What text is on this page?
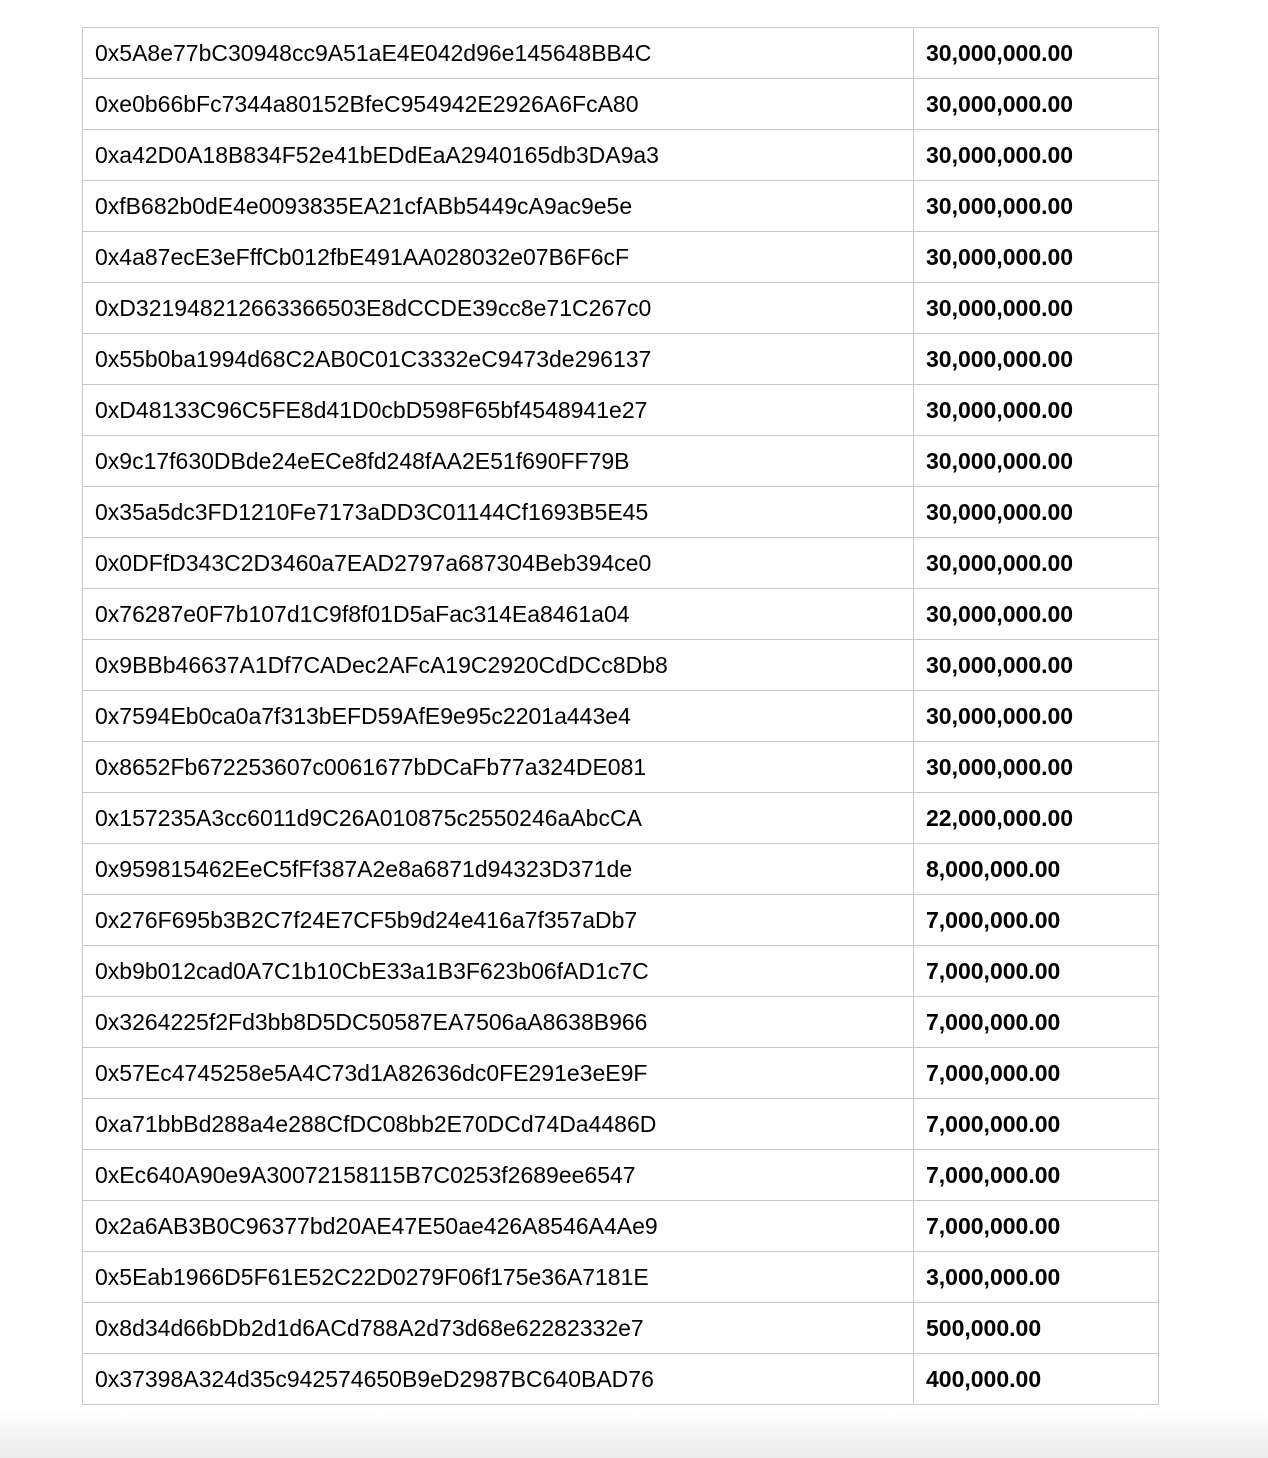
0x5A8e77bC30948cc9A51aE4E042d96e145648BB4C	30,000,000.00
0xe0b66bFc7344a80152BfeC954942E2926A6FcA80	30,000,000.00
0xa42D0A18B834F52e41bEDdEaA2940165db3DA9a3	30,000,000.00
0xfB682b0dE4e0093835EA21cfABb5449cA9ac9e5e	30,000,000.00
0x4a87ecE3eFffCb012fbE491AA028032e07B6F6cF	30,000,000.00
0xD321948212663366503E8dCCDE39cc8e71C267c0	30,000,000.00
0x55b0ba1994d68C2AB0C01C3332eC9473de296137	30,000,000.00
0xD48133C96C5FE8d41D0cbD598F65bf4548941e27	30,000,000.00
0x9c17f630DBde24eECe8fd248fAA2E51f690FF79B	30,000,000.00
0x35a5dc3FD1210Fe7173aDD3C01144Cf1693B5E45	30,000,000.00
0x0DFfD343C2D3460a7EAD2797a687304Beb394ce0	30,000,000.00
0x76287e0F7b107d1C9f8f01D5aFac314Ea8461a04	30,000,000.00
0x9BBb46637A1Df7CADec2AFcA19C2920CdDCc8Db8	30,000,000.00
0x7594Eb0ca0a7f313bEFD59AfE9e95c2201a443e4	30,000,000.00
0x8652Fb672253607c0061677bDCaFb77a324DE081	30,000,000.00
0x157235A3cc6011d9C26A010875c2550246aAbcCA	22,000,000.00
0x959815462EeC5fFf387A2e8a6871d94323D371de	8,000,000.00
0x276F695b3B2C7f24E7CF5b9d24e416a7f357aDb7	7,000,000.00
0xb9b012cad0A7C1b10CbE33a1B3F623b06fAD1c7C	7,000,000.00
0x3264225f2Fd3bb8D5DC50587EA7506aA8638B966	7,000,000.00
0x57Ec4745258e5A4C73d1A82636dc0FE291e3eE9F	7,000,000.00
0xa71bbBd288a4e288CfDC08bb2E70DCd74Da4486D	7,000,000.00
0xEc640A90e9A30072158115B7C0253f2689ee6547	7,000,000.00
0x2a6AB3B0C96377bd20AE47E50ae426A8546A4Ae9	7,000,000.00
0x5Eab1966D5F61E52C22D0279F06f175e36A7181E	3,000,000.00
0x8d34d66bDb2d1d6ACd788A2d73d68e62282332e7	500,000.00
0x37398A324d35c942574650B9eD2987BC640BAD76	400,000.00
